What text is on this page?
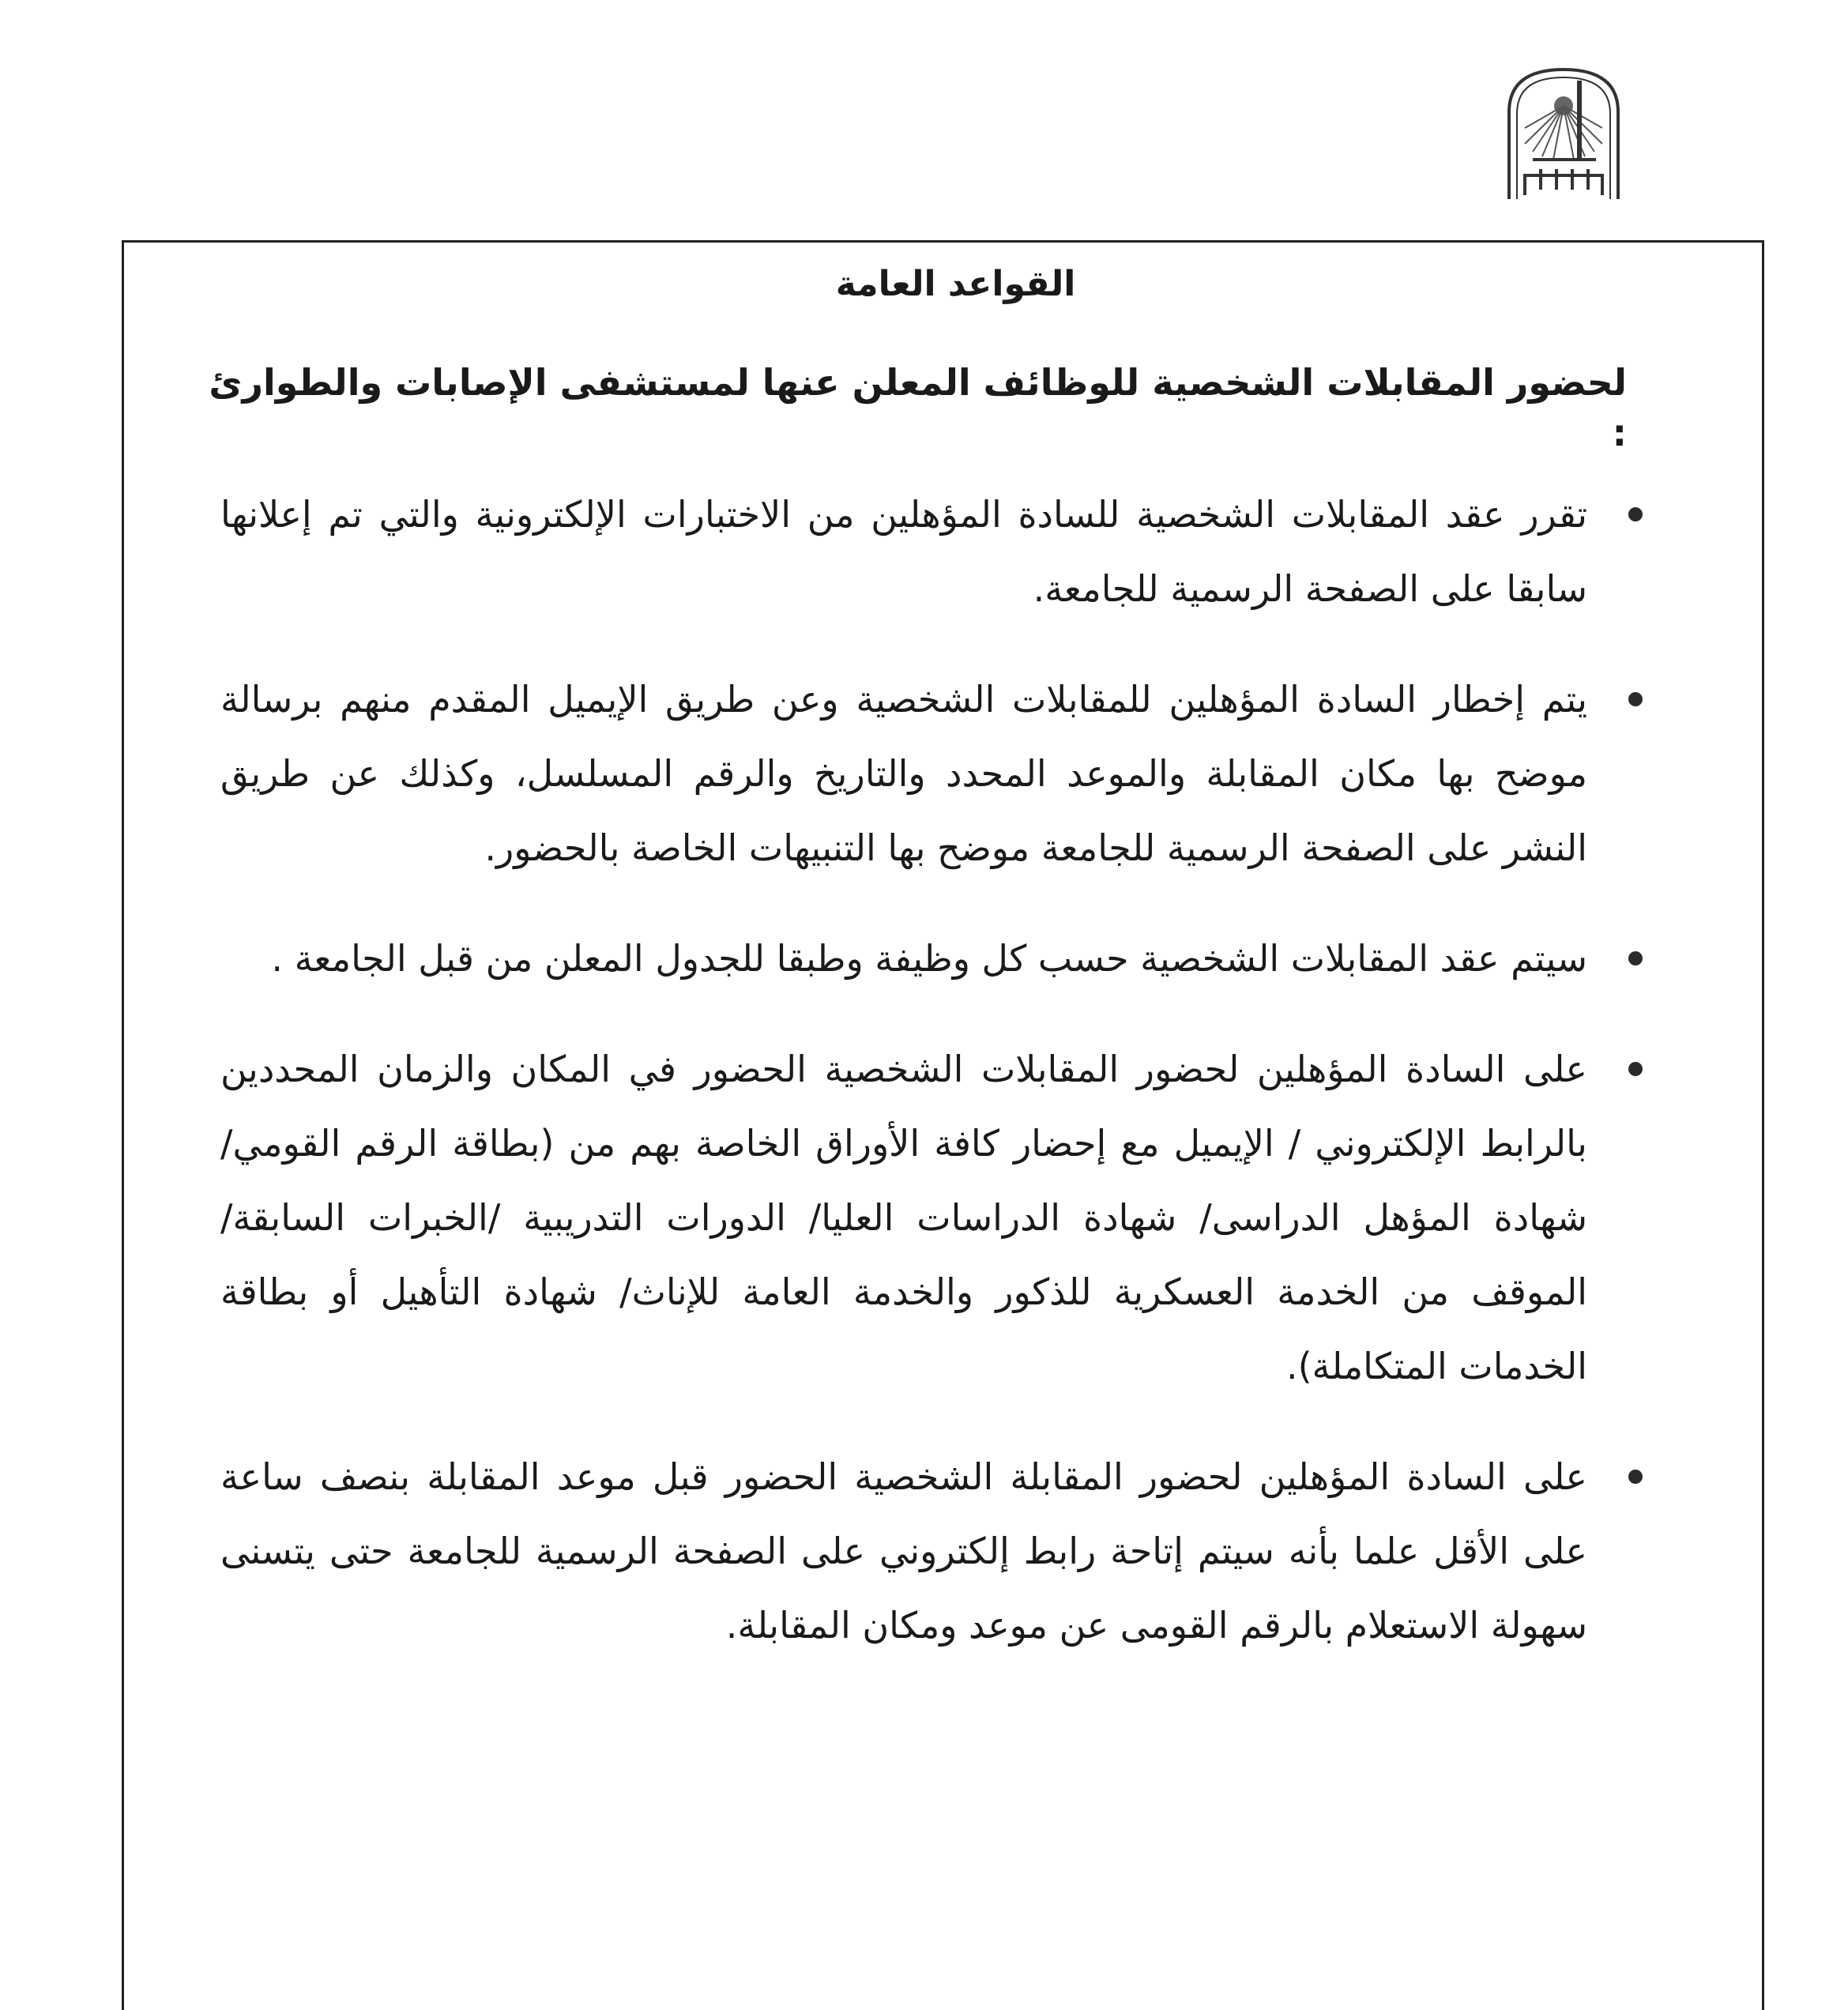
القواعد العامة
لحضور المقابلات الشخصية للوظائف المعلن عنها لمستشفى الإصابات والطوارئ :
تقرر عقد المقابلات الشخصية للسادة المؤهلين من الاختبارات الإلكترونية والتي تم إعلانها سابقا على الصفحة الرسمية للجامعة.
يتم إخطار السادة المؤهلين للمقابلات الشخصية وعن طريق الإيميل المقدم منهم برسالة موضح بها مكان المقابلة والموعد المحدد والتاريخ والرقم المسلسل، وكذلك عن طريق النشر على الصفحة الرسمية للجامعة موضح بها التنبيهات الخاصة بالحضور.
سيتم عقد المقابلات الشخصية حسب كل وظيفة وطبقا للجدول المعلن من قبل الجامعة .
على السادة المؤهلين لحضور المقابلات الشخصية الحضور في المكان والزمان المحددين بالرابط الإلكتروني / الإيميل مع إحضار كافة الأوراق الخاصة بهم من (بطاقة الرقم القومي/شهادة المؤهل الدراسى/ شهادة الدراسات العليا/ الدورات التدريبية /الخبرات السابقة/ الموقف من الخدمة العسكرية للذكور والخدمة العامة للإناث/ شهادة التأهيل أو بطاقة الخدمات المتكاملة).
على السادة المؤهلين لحضور المقابلة الشخصية الحضور قبل موعد المقابلة بنصف ساعة على الأقل علما بأنه سيتم إتاحة رابط إلكتروني على الصفحة الرسمية للجامعة حتى يتسنى سهولة الاستعلام بالرقم القومى عن موعد ومكان المقابلة.
